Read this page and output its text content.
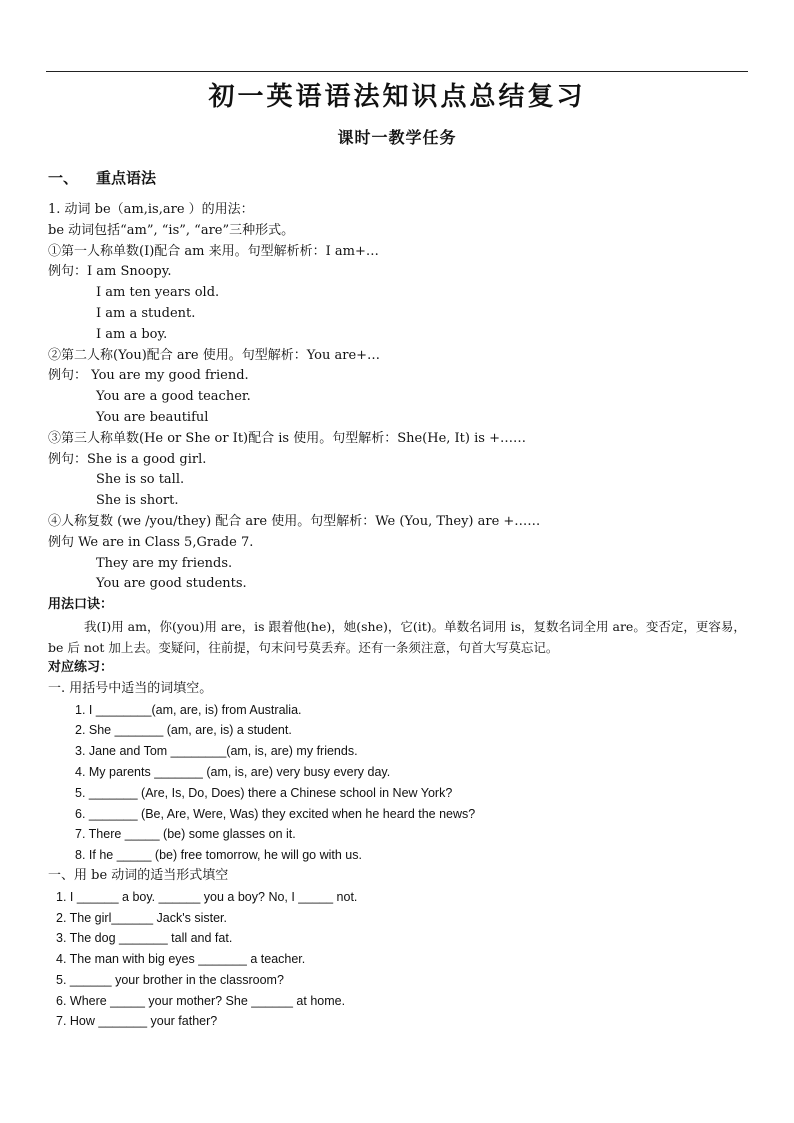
初一英语语法知识点总结复习
课时一教学任务
一、 重点语法
1. 动词 be（am,is,are ）的用法：
be 动词包括“am”, “is”, “are”三种形式。
①第一人称单数(I)配合 am 来用。句型解析析：I am+…
例句：I am Snoopy.
I am ten years old.
I am a student.
I am a boy.
②第二人称(You)配合 are 使用。句型解析：You are+…
例句： You are my good friend.
You are a good teacher.
You are beautiful
③第三人称单数(He or She or It)配合 is 使用。句型解析：She(He, It) is +……
例句：She is a good girl.
She is so tall.
She is short.
④人称复数 (we /you/they) 配合 are 使用。句型解析：We (You, They) are +……
例句 We are in Class 5,Grade 7.
They are my friends.
You are good students.
用法口诀：
我(I)用 am，你(you)用 are，is 跟着他(he)，她(she)，它(it)。单数名词用 is，复数名词全用 are。变否定，更容易，be 后 not 加上去。变疑问，往前提，句末问号莫丢弃。还有一条须注意，句首大写莫忘记。
对应练习：
一. 用括号中适当的词填空。
1. I ________(am, are, is) from Australia.
2. She _______ (am, are, is) a student.
3. Jane and Tom ________(am, is, are) my friends.
4. My parents _______ (am, is, are) very busy every day.
5. _______ (Are, Is, Do, Does) there a Chinese school in New York?
6. _______ (Be, Are, Were, Was) they excited when he heard the news?
7. There _____ (be) some glasses on it.
8. If he _____ (be) free tomorrow, he will go with us.
一、用 be 动词的适当形式填空
1. I ______ a boy. ______ you a boy? No, I _____ not.
2. The girl______ Jack's sister.
3. The dog _______ tall and fat.
4. The man with big eyes _______ a teacher.
5. ______ your brother in the classroom?
6. Where _____ your mother? She ______ at home.
7. How _______ your father?
